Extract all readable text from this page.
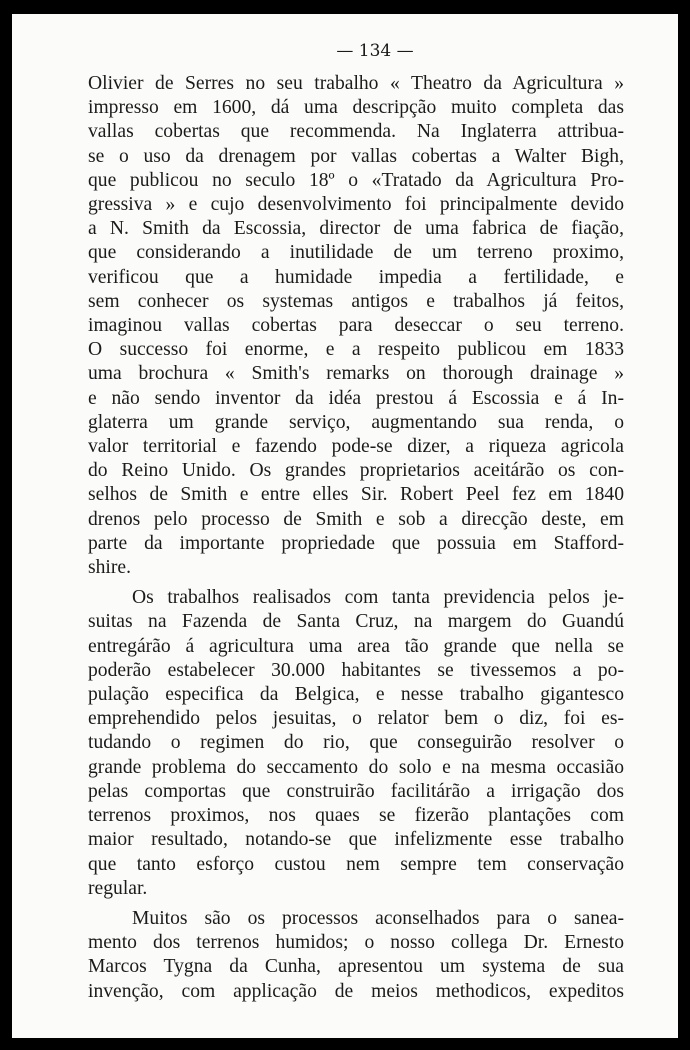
— 134 —
Olivier de Serres no seu trabalho « Theatro da Agricultura »
impresso em 1600, dá uma descripção muito completa das
vallas cobertas que recommenda. Na Inglaterra attribua-
se o uso da drenagem por vallas cobertas a Walter Bigh,
que publicou no seculo 18º o «Tratado da Agricultura Pro-
gressiva » e cujo desenvolvimento foi principalmente devido
a N. Smith da Escossia, director de uma fabrica de fiação,
que considerando a inutilidade de um terreno proximo,
verificou que a humidade impedia a fertilidade, e
sem conhecer os systemas antigos e trabalhos já feitos,
imaginou vallas cobertas para deseccar o seu terreno.
O successo foi enorme, e a respeito publicou em 1833
uma brochura « Smith's remarks on thorough drainage »
e não sendo inventor da idéa prestou á Escossia e á In-
glaterra um grande serviço, augmentando sua renda, o
valor territorial e fazendo pode-se dizer, a riqueza agricola
do Reino Unido. Os grandes proprietarios aceitárão os con-
selhos de Smith e entre elles Sir. Robert Peel fez em 1840
drenos pelo processo de Smith e sob a direcção deste, em
parte da importante propriedade que possuia em Stafford-
shire.
Os trabalhos realisados com tanta previdencia pelos je-
suitas na Fazenda de Santa Cruz, na margem do Guandú
entregárão á agricultura uma area tão grande que nella se
poderão estabelecer 30.000 habitantes se tivessemos a po-
pulação especifica da Belgica, e nesse trabalho gigantesco
emprehendido pelos jesuitas, o relator bem o diz, foi es-
tudando o regimen do rio, que conseguirão resolver o
grande problema do seccamento do solo e na mesma occasião
pelas comportas que construirão facilitárão a irrigação dos
terrenos proximos, nos quaes se fizerão plantações com
maior resultado, notando-se que infelizmente esse trabalho
que tanto esforço custou nem sempre tem conservação
regular.
Muitos são os processos aconselhados para o sanea-
mento dos terrenos humidos; o nosso collega Dr. Ernesto
Marcos Tygna da Cunha, apresentou um systema de sua
invenção, com applicação de meios methodicos, expeditos
